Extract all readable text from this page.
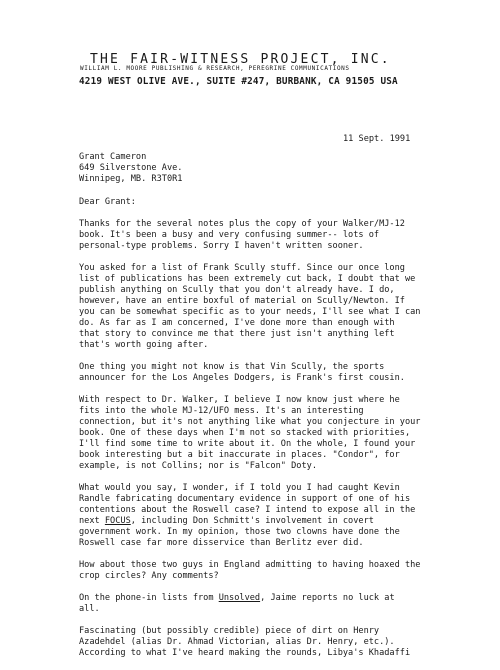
THE FAIR-WITNESS PROJECT, INC.
WILLIAM L. MOORE PUBLISHING & RESEARCH, PEREGRINE COMMUNICATIONS
4219 WEST OLIVE AVE., SUITE #247, BURBANK, CA 91505 USA
11 Sept. 1991
Grant Cameron
649 Silverstone Ave.
Winnipeg, MB. R3T0R1
Dear Grant:
Thanks for the several notes plus the copy of your Walker/MJ-12
book. It's been a busy and very confusing summer-- lots of
personal-type problems. Sorry I haven't written sooner.
You asked for a list of Frank Scully stuff. Since our once long
list of publications has been extremely cut back, I doubt that we
publish anything on Scully that you don't already have. I do,
however, have an entire boxful of material on Scully/Newton. If
you can be somewhat specific as to your needs, I'll see what I can
do. As far as I am concerned, I've done more than enough with
that story to convince me that there just isn't anything left
that's worth going after.
One thing you might not know is that Vin Scully, the sports
announcer for the Los Angeles Dodgers, is Frank's first cousin.
With respect to Dr. Walker, I believe I now know just where he
fits into the whole MJ-12/UFO mess. It's an interesting
connection, but it's not anything like what you conjecture in your
book. One of these days when I'm not so stacked with priorities,
I'll find some time to write about it. On the whole, I found your
book interesting but a bit inaccurate in places. "Condor", for
example, is not Collins; nor is "Falcon" Doty.
What would you say, I wonder, if I told you I had caught Kevin
Randle fabricating documentary evidence in support of one of his
contentions about the Roswell case? I intend to expose all in the
next FOCUS, including Don Schmitt's involvement in covert
government work. In my opinion, those two clowns have done the
Roswell case far more disservice than Berlitz ever did.
How about those two guys in England admitting to having hoaxed the
crop circles? Any comments?
On the phone-in lists from Unsolved, Jaime reports no luck at
all.
Fascinating (but possibly credible) piece of dirt on Henry
Azadehdel (alias Dr. Ahmad Victorian, alias Dr. Henry, etc.).
According to what I've heard making the rounds, Libya's Khadaffi
